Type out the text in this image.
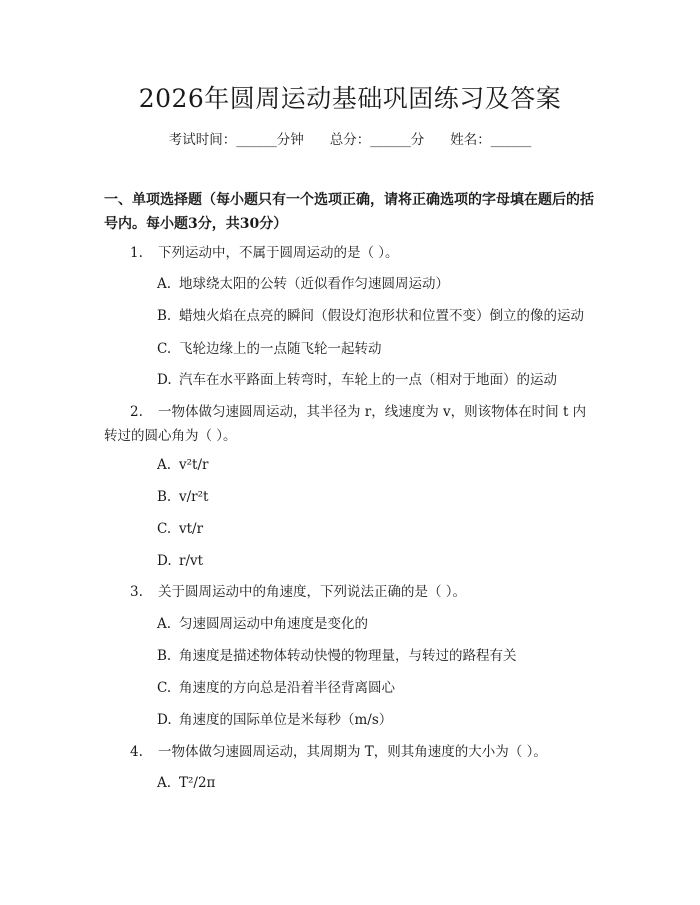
2026年圆周运动基础巩固练习及答案
考试时间：______分钟 总分：______分 姓名：______
一、单项选择题（每小题只有一个选项正确，请将正确选项的字母填在题后的括号内。每小题3分，共30分）
1. 下列运动中，不属于圆周运动的是（ ）。
A. 地球绕太阳的公转（近似看作匀速圆周运动）
B. 蜡烛火焰在点亮的瞬间（假设灯泡形状和位置不变）倒立的像的运动
C. 飞轮边缘上的一点随飞轮一起转动
D. 汽车在水平路面上转弯时，车轮上的一点（相对于地面）的运动
2. 一物体做匀速圆周运动，其半径为 r，线速度为 v，则该物体在时间 t 内转过的圆心角为（ ）。
A. v²t/r
B. v/r²t
C. vt/r
D. r/vt
3. 关于圆周运动中的角速度，下列说法正确的是（ ）。
A. 匀速圆周运动中角速度是变化的
B. 角速度是描述物体转动快慢的物理量，与转过的路程有关
C. 角速度的方向总是沿着半径背离圆心
D. 角速度的国际单位是米每秒（m/s）
4. 一物体做匀速圆周运动，其周期为 T，则其角速度的大小为（ ）。
A. T²/2π
